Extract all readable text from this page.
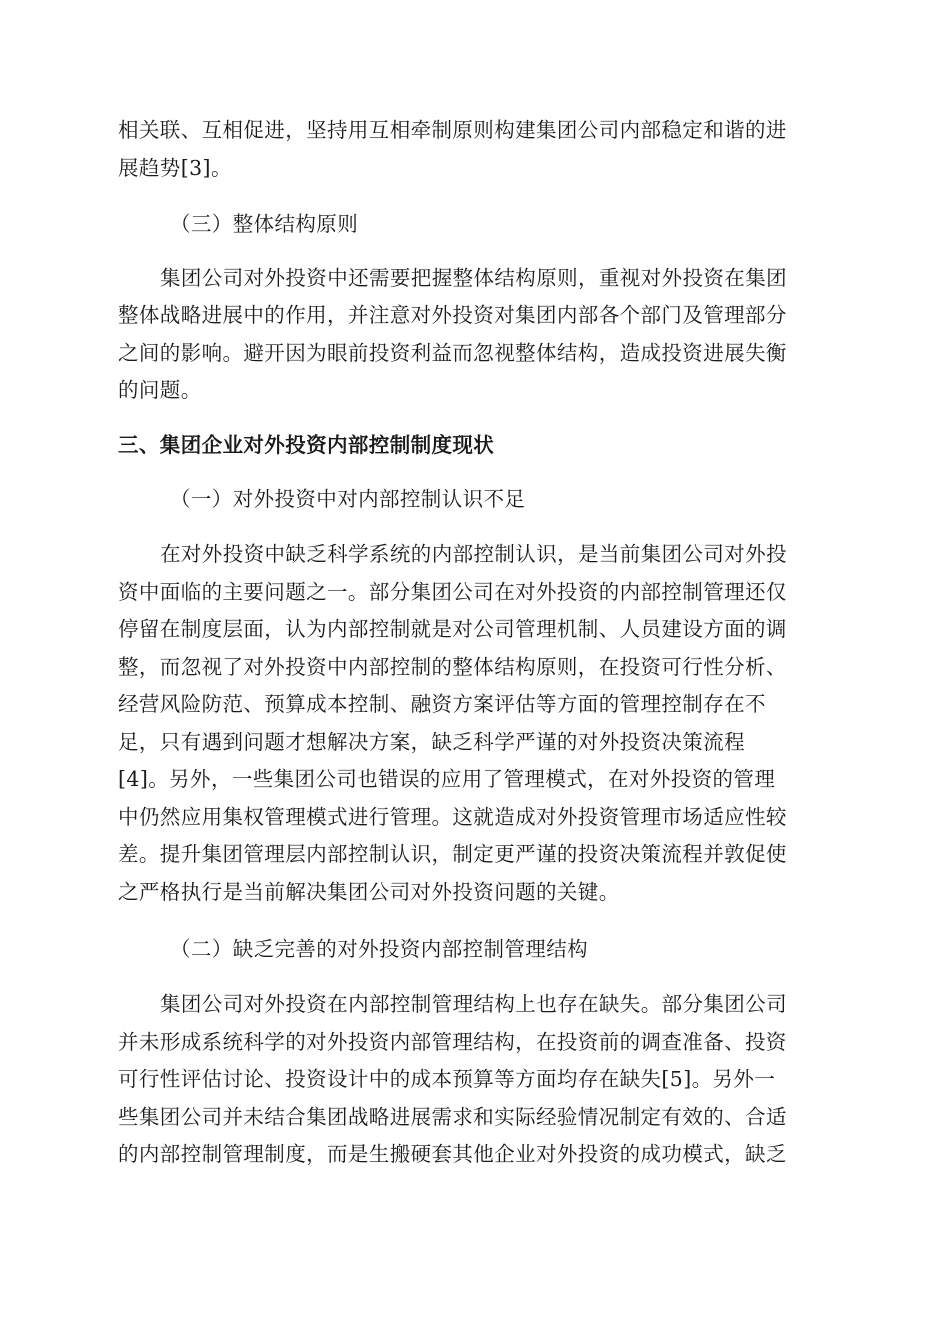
相关联、互相促进，坚持用互相牵制原则构建集团公司内部稳定和谐的进
展趋势[3]。
（三）整体结构原则
集团公司对外投资中还需要把握整体结构原则，重视对外投资在集团
整体战略进展中的作用，并注意对外投资对集团内部各个部门及管理部分
之间的影响。避开因为眼前投资利益而忽视整体结构，造成投资进展失衡
的问题。
三、集团企业对外投资内部控制制度现状
（一）对外投资中对内部控制认识不足
在对外投资中缺乏科学系统的内部控制认识，是当前集团公司对外投
资中面临的主要问题之一。部分集团公司在对外投资的内部控制管理还仅
停留在制度层面，认为内部控制就是对公司管理机制、人员建设方面的调
整，而忽视了对外投资中内部控制的整体结构原则，在投资可行性分析、
经营风险防范、预算成本控制、融资方案评估等方面的管理控制存在不
足，只有遇到问题才想解决方案，缺乏科学严谨的对外投资决策流程
[4]。另外，一些集团公司也错误的应用了管理模式，在对外投资的管理
中仍然应用集权管理模式进行管理。这就造成对外投资管理市场适应性较
差。提升集团管理层内部控制认识，制定更严谨的投资决策流程并敦促使
之严格执行是当前解决集团公司对外投资问题的关键。
（二）缺乏完善的对外投资内部控制管理结构
集团公司对外投资在内部控制管理结构上也存在缺失。部分集团公司
并未形成系统科学的对外投资内部管理结构，在投资前的调查准备、投资
可行性评估讨论、投资设计中的成本预算等方面均存在缺失[5]。另外一
些集团公司并未结合集团战略进展需求和实际经验情况制定有效的、合适
的内部控制管理制度，而是生搬硬套其他企业对外投资的成功模式，缺乏
